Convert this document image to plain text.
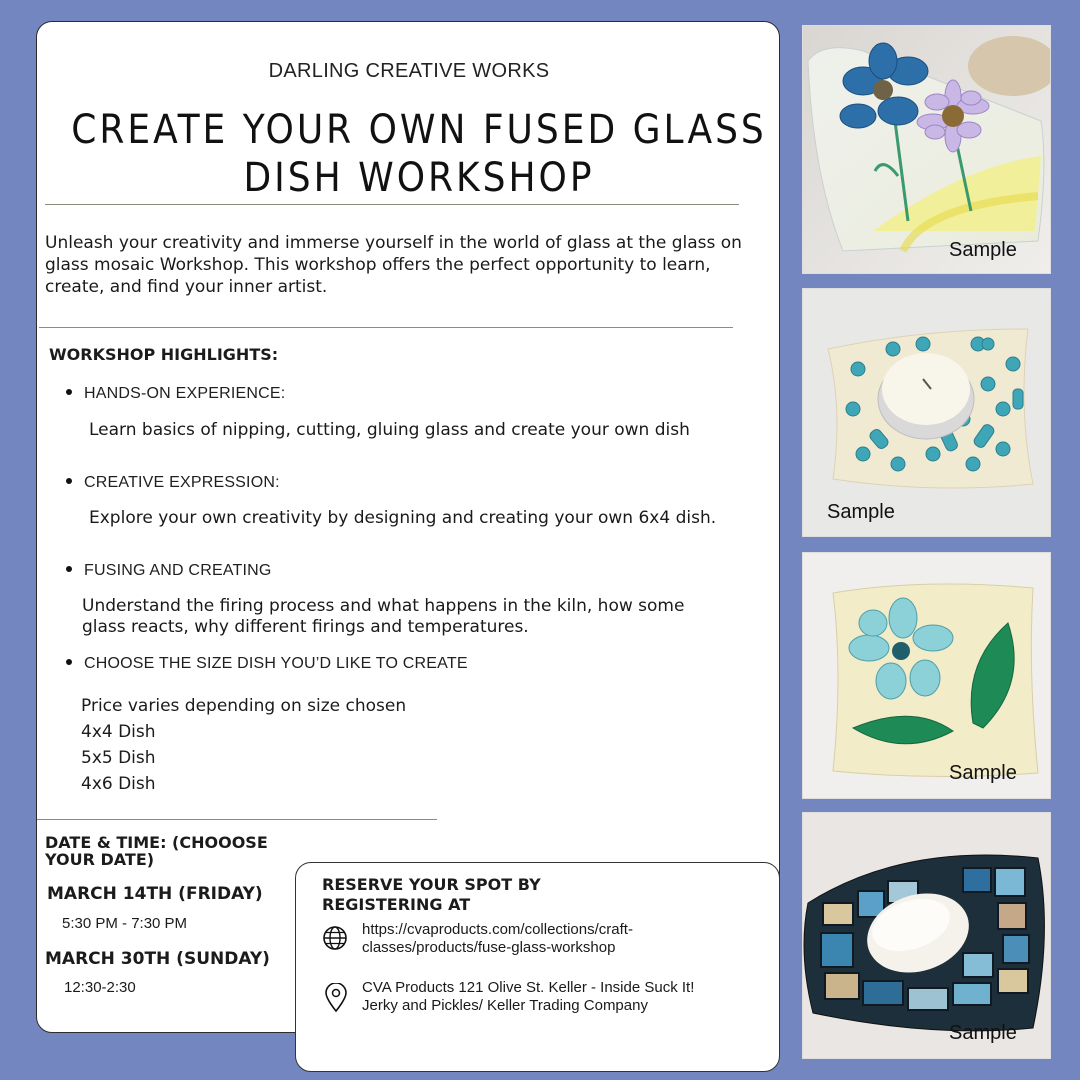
DARLING CREATIVE WORKS
CREATE YOUR OWN FUSED GLASS
DISH WORKSHOP
Unleash your creativity and immerse yourself in the world of glass at the glass on glass mosaic Workshop. This workshop offers the perfect opportunity to learn, create, and find your inner artist.
WORKSHOP HIGHLIGHTS:
HANDS-ON EXPERIENCE:
Learn basics of nipping, cutting, gluing glass and create your own dish
CREATIVE EXPRESSION:
Explore your own creativity by designing and creating your own 6x4 dish.
FUSING AND CREATING
Understand the firing process and what happens in the kiln, how some glass reacts, why different firings and temperatures.
CHOOSE THE SIZE DISH YOU’D LIKE TO CREATE
Price varies depending on size chosen
4x4 Dish
5x5 Dish
4x6 Dish
DATE & TIME: (CHOOOSE YOUR DATE)
MARCH 14TH (FRIDAY)
5:30 PM - 7:30 PM
MARCH 30TH (SUNDAY)
12:30-2:30
RESERVE YOUR SPOT BY
REGISTERING AT
https://cvaproducts.com/collections/craft-classes/products/fuse-glass-workshop
CVA Products 121 Olive St. Keller - Inside Suck It! Jerky and Pickles/ Keller Trading Company
Sample
Sample
Sample
Sample
